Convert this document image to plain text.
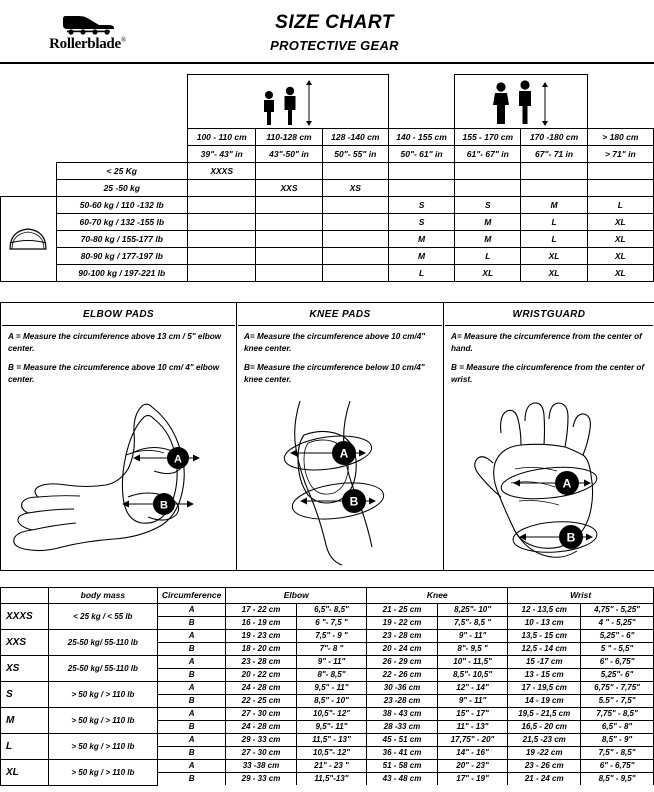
Rollerblade®
SIZE CHART
PROTECTIVE GEAR

		100 - 110 cm	110-128 cm	128 -140 cm	140 - 155 cm	155 - 170 cm	170 -180 cm	> 180 cm
		39"- 43" in	43"-50" in	50"- 55" in	50"- 61" in	61"- 67" in	67"- 71 in	> 71" in
	< 25 Kg	XXXS						
	25 -50 kg		XXS	XS				

	50-60 kg / 110 -132 lb				S	S	M	L
	60-70 kg / 132 -155 lb				S	M	L	XL
	70-80 kg / 155-177 lb				M	M	L	XL
	80-90 kg / 177-197 lb				M	L	XL	XL
	90-100 kg / 197-221 lb				L	XL	XL	XL
ELBOW PADS

A = Measure the circumference above 13 cm / 5" elbow center.

B = Measure the circumference above 10 cm/ 4" elbow center.

A
B

KNEE PADS

A= Measure the circumference above 10 cm/4" knee center.

B= Measure the circumference below 10 cm/4" knee center.

A
B

WRISTGUARD

A= Measure the circumference from the center of hand.

B = Measure the circumference from the center of wrist.

A
B
	body mass	Circumference	Elbow		Knee		Wrist	
XXXS	< 25 kg / < 55 lb	A	17 - 22 cm	6,5"- 8,5"	21 - 25 cm	8,25"- 10"	12 - 13,5 cm	4,75" - 5,25"
		B	16 - 19 cm	6 "- 7,5 "	19 - 22 cm	7,5"- 8,5 "	10 - 13 cm	4 " - 5,25"
XXS	25-50 kg/ 55-110 lb	A	19 - 23 cm	7,5" - 9 "	23 - 28 cm	9" - 11"	13,5 - 15 cm	5,25" - 6"
		B	18 - 20 cm	7"- 8 "	20 - 24 cm	8"- 9,5 "	12,5 - 14 cm	5 " - 5,5"
XS	25-50 kg/ 55-110 lb	A	23 - 28 cm	9" - 11"	26 - 29 cm	10" - 11,5"	15 -17 cm	6" - 6,75"
		B	20 - 22 cm	8"- 8,5"	22 - 26 cm	8,5"- 10,5"	13 - 15 cm	5,25"- 6"
S	> 50 kg / > 110 lb	A	24 - 28 cm	9,5" - 11"	30 -36 cm	12" - 14"	17 - 19,5 cm	6,75" - 7,75"
		B	22 - 25 cm	8,5" - 10"	23 -28 cm	9" - 11"	14 - 19 cm	5.5" - 7,5"
M	> 50 kg / > 110 lb	A	27 - 30 cm	10,5"- 12"	38 - 43 cm	15" - 17"	19,5 - 21,5 cm	7,75" - 8,5"
		B	24 - 28 cm	9,5"- 11"	28 -33 cm	11" - 13"	16,5 - 20 cm	6,5" - 8"
L	> 50 kg / > 110 lb	A	29 - 33 cm	11,5" - 13"	45 - 51 cm	17,75" - 20"	21,5 -23 cm	8,5" - 9"
		B	27 - 30 cm	10,5"- 12"	36 - 41 cm	14" - 16"	19 -22 cm	7,5" - 8,5"
XL	> 50 kg / > 110 lb	A	33 -38 cm	21" - 23 "	51 - 58 cm	20" - 23"	23 - 26 cm	6" - 6,75"
		B	29 - 33 cm	11,5"-13"	43 - 48 cm	17" - 19"	21 - 24 cm	8,5" - 9,5"
